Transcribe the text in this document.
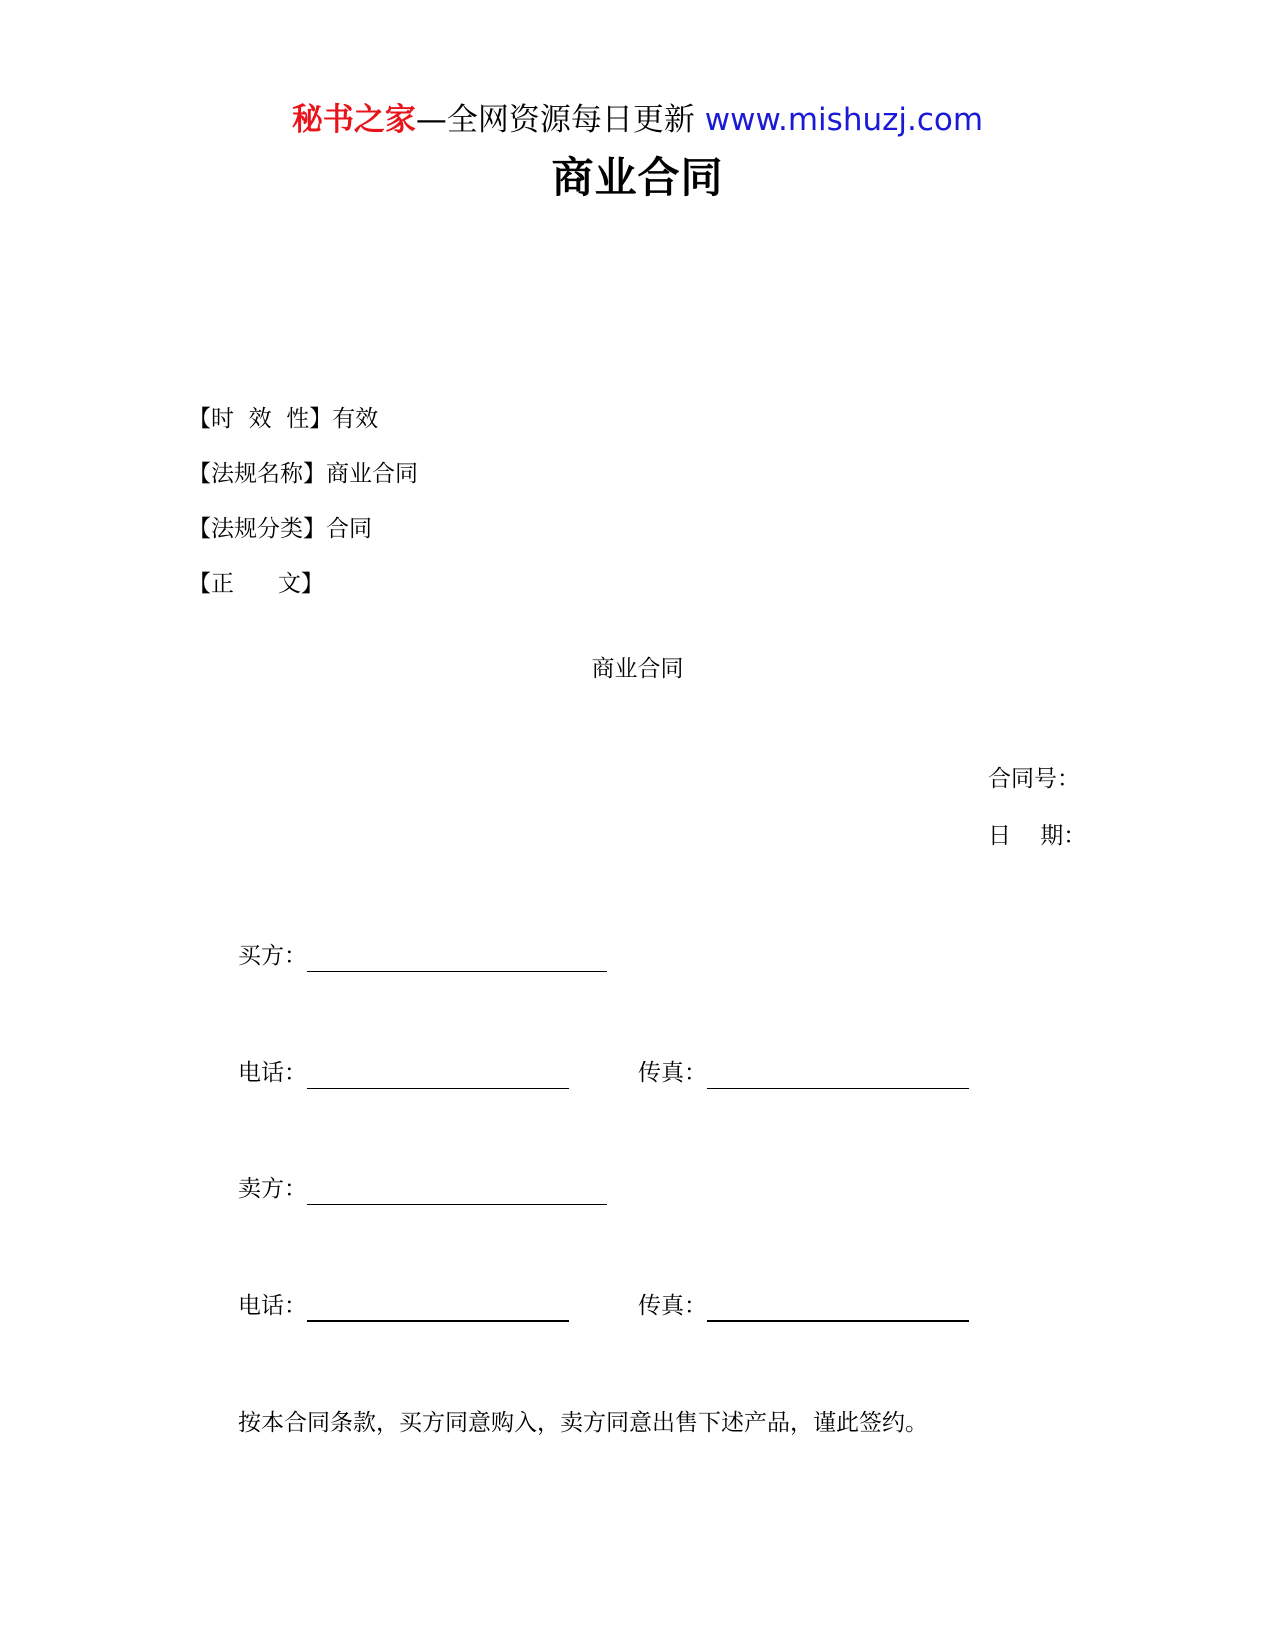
秘书之家—全网资源每日更新 www.mishuzj.com
商业合同
【时  效  性】有效
【法规名称】商业合同
【法规分类】合同
【正      文】
商业合同
合同号：
日    期：
买方：
电话：	传真：
卖方：
电话：	传真：
按本合同条款，买方同意购入，卖方同意出售下述产品，谨此签约。
